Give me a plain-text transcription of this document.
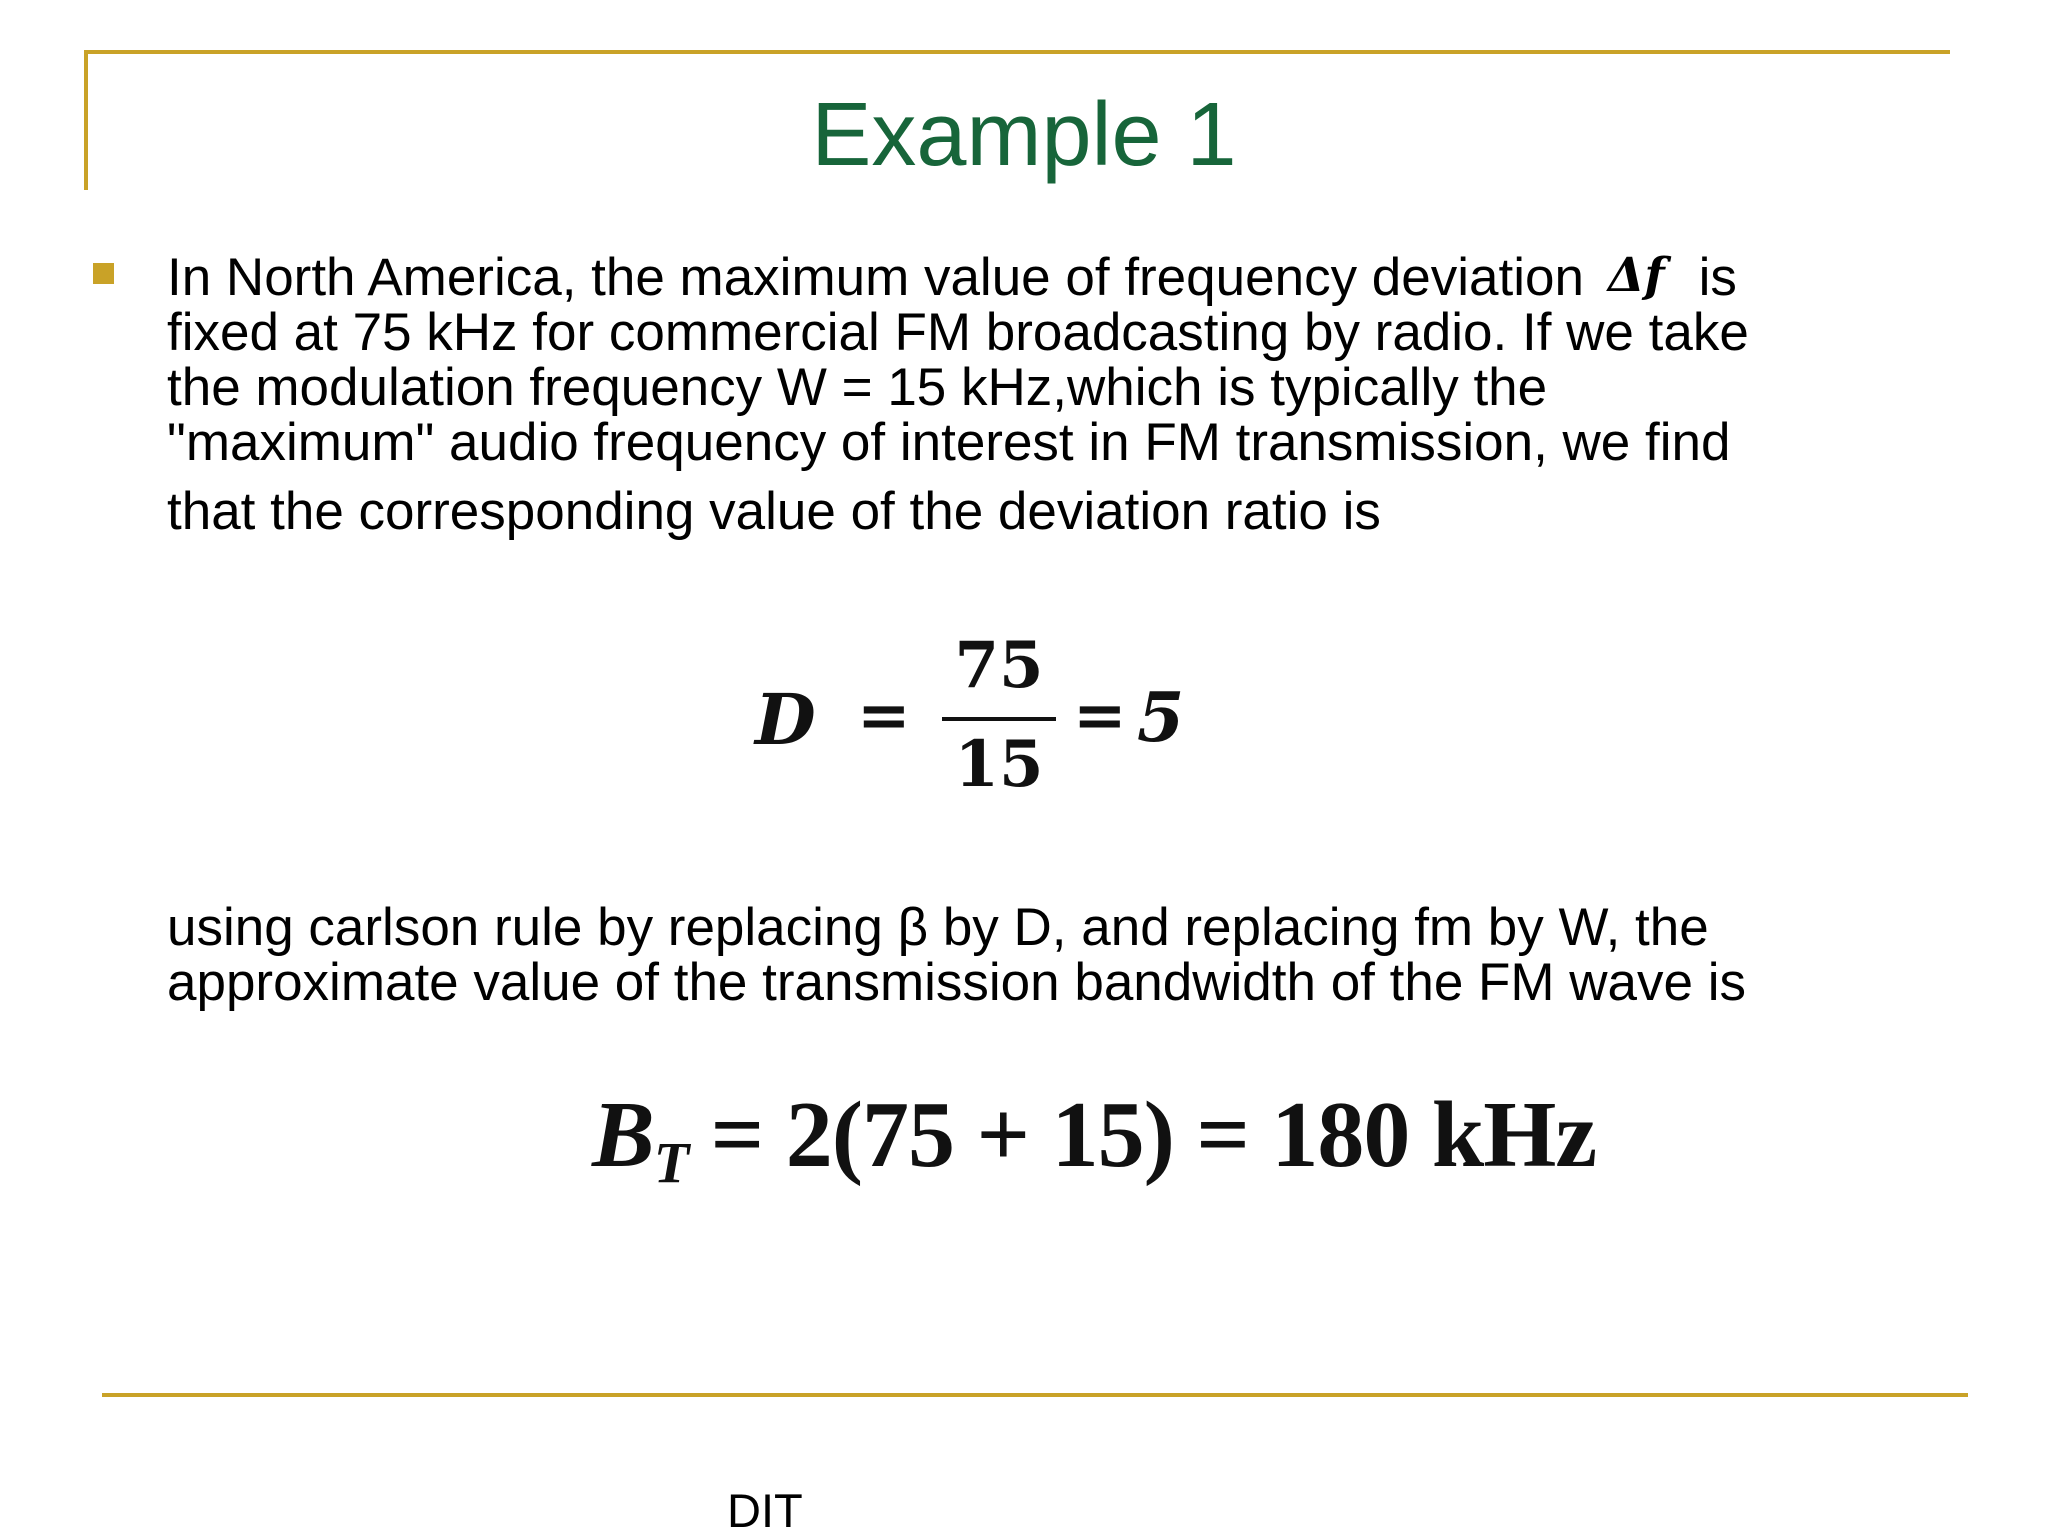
Example 1
In North America, the maximum value of frequency deviation Δf is
fixed at 75 kHz for commercial FM broadcasting by radio. If we take
the modulation frequency W = 15 kHz,which is typically the
"maximum" audio frequency of interest in FM transmission, we find
that the corresponding value of the deviation ratio is
D =
75
15
= 5
using carlson rule by replacing β by D, and replacing fm by W, the
approximate value of the transmission bandwidth of the FM wave is
$B_T = 2(75 + 15) = 180$ kHz
DIT
